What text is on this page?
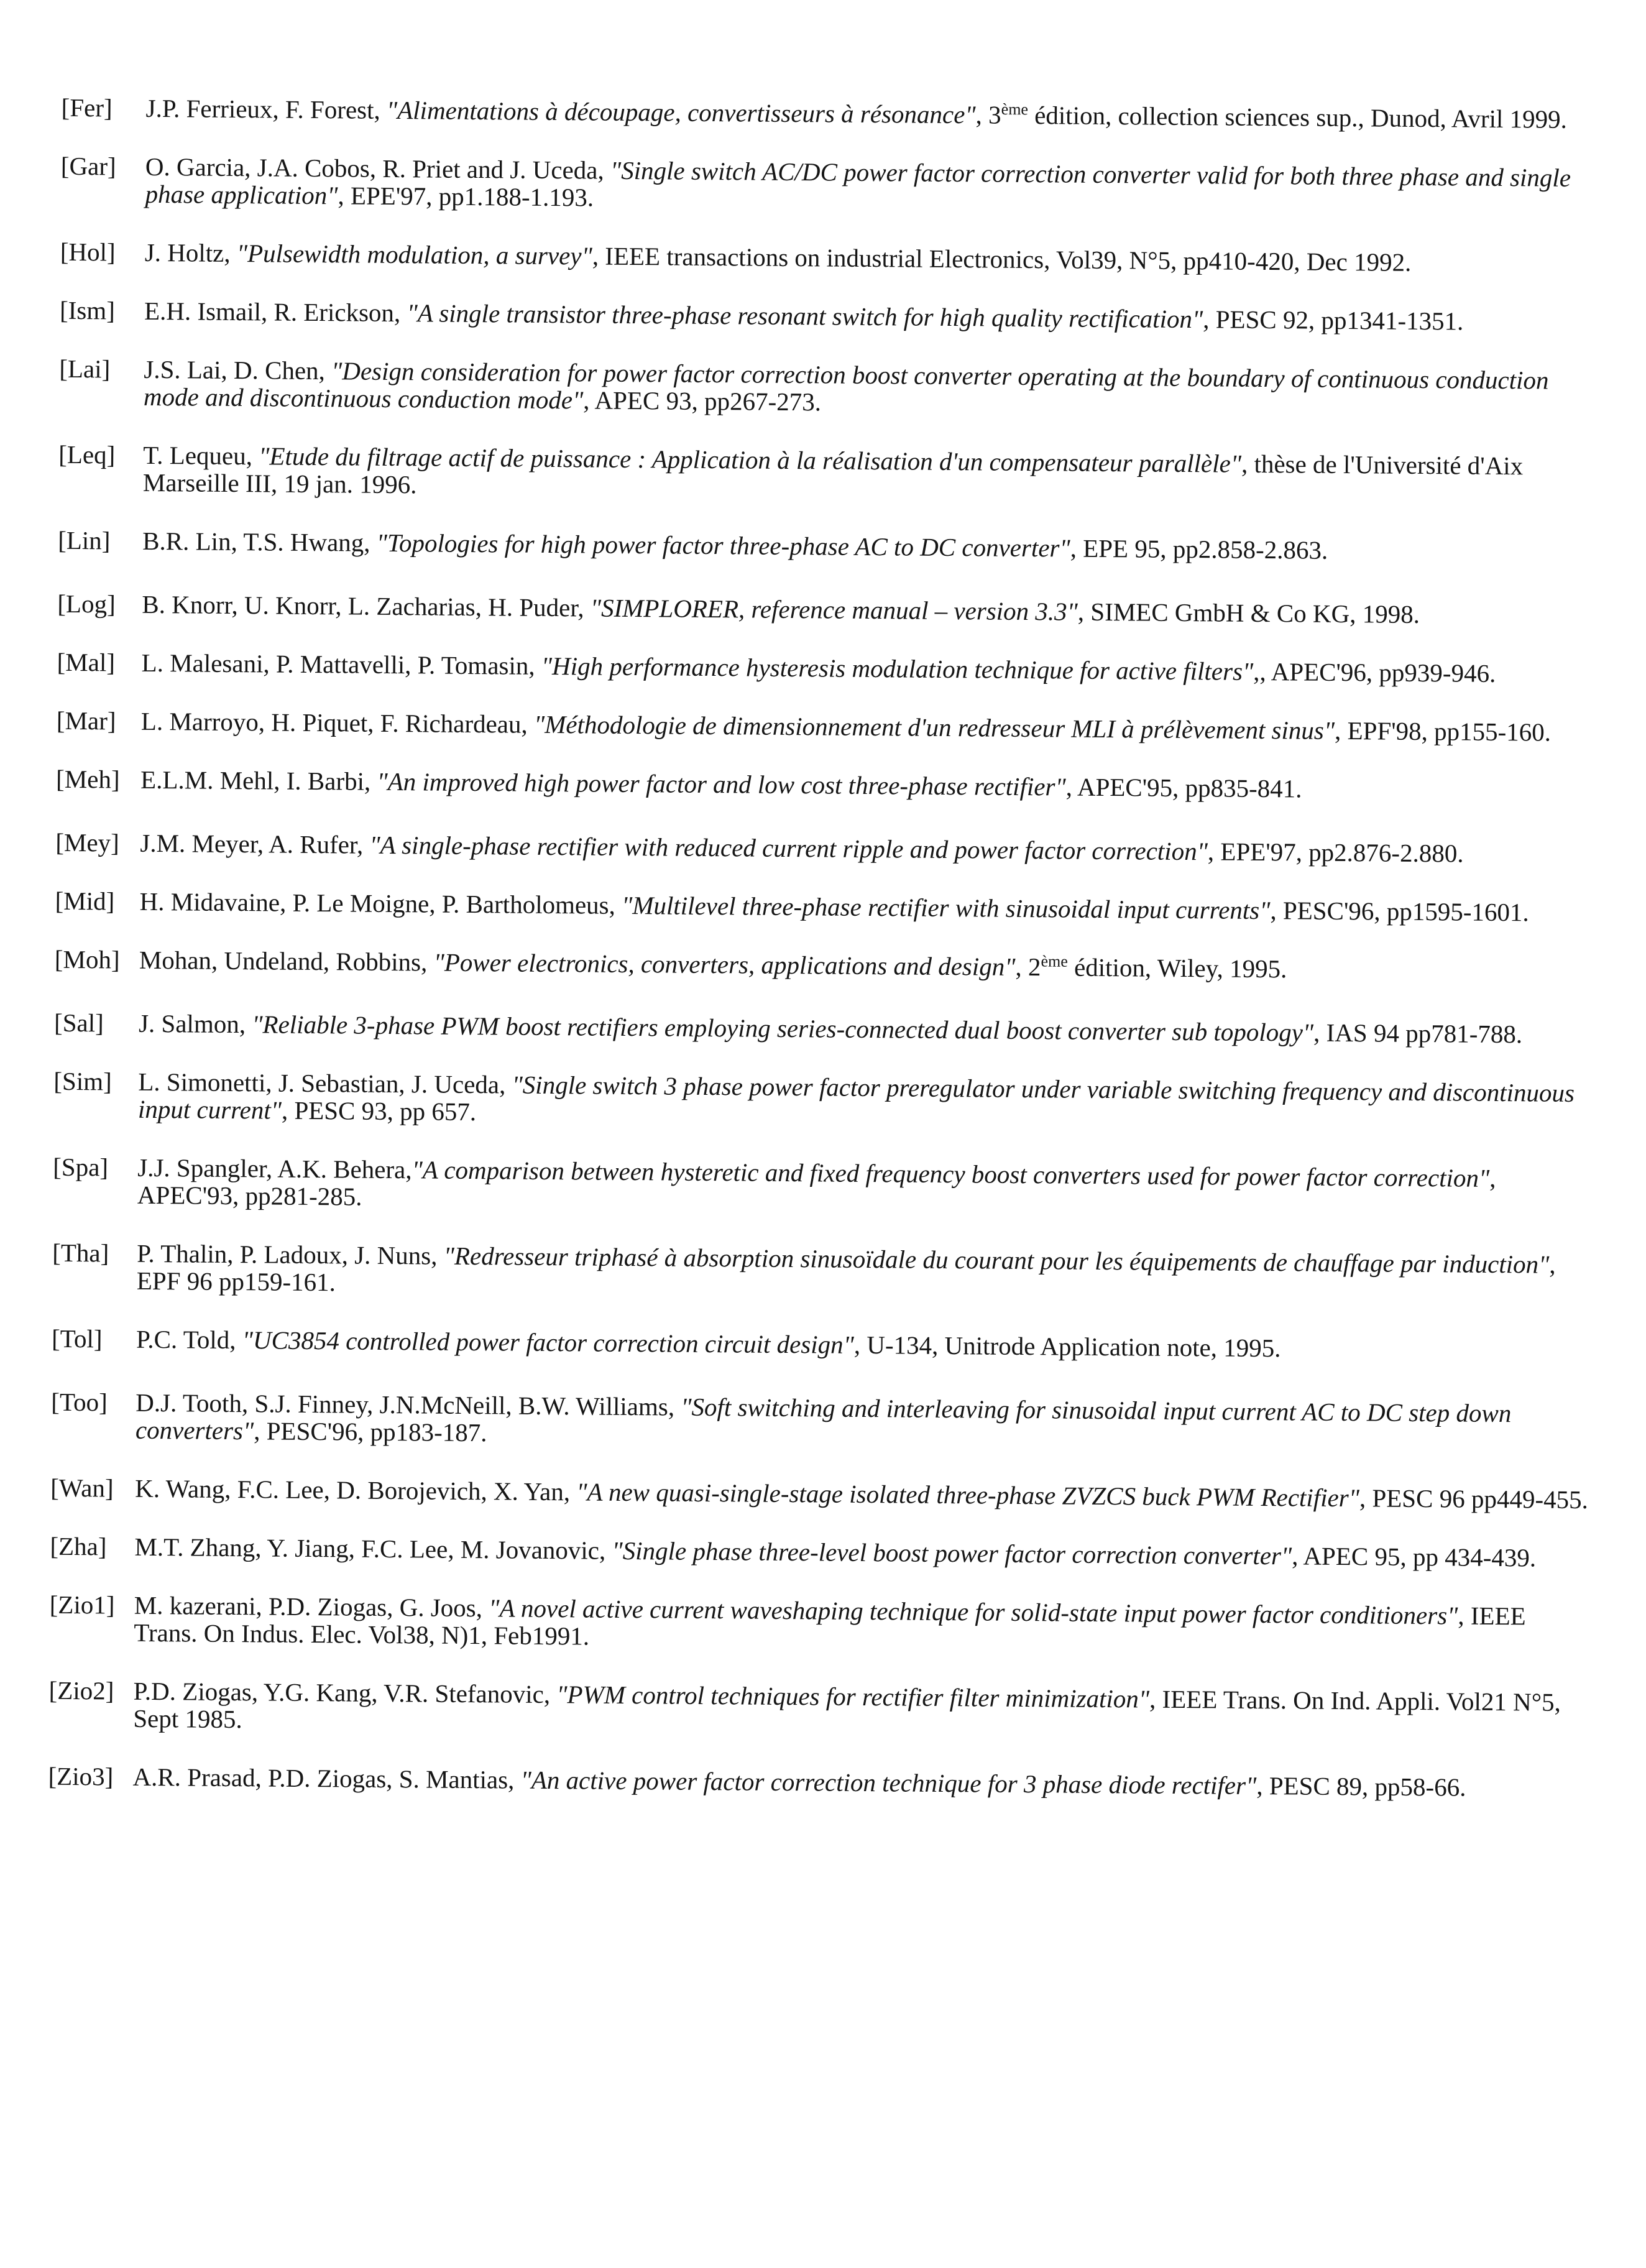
[Fer]	J.P. Ferrieux, F. Forest, "Alimentations à découpage, convertisseurs à résonance", 3ème édition, collection sciences sup., Dunod, Avril 1999.
[Gar]	O. Garcia, J.A. Cobos, R. Priet and J. Uceda, "Single switch AC/DC power factor correction converter valid for both three phase and single phase application", EPE'97, pp1.188-1.193.
[Hol]	J. Holtz, "Pulsewidth modulation, a survey", IEEE transactions on industrial Electronics, Vol39, N°5, pp410-420, Dec 1992.
[Ism]	E.H. Ismail, R. Erickson, "A single transistor three-phase resonant switch for high quality rectification", PESC 92, pp1341-1351.
[Lai]	J.S. Lai, D. Chen, "Design consideration for power factor correction boost converter operating at the boundary of continuous conduction mode and discontinuous conduction mode", APEC 93, pp267-273.
[Leq]	T. Lequeu, "Etude du filtrage actif de puissance : Application à la réalisation d'un compensateur parallèle", thèse de l'Université d'Aix Marseille III, 19 jan. 1996.
[Lin]	B.R. Lin, T.S. Hwang, "Topologies for high power factor three-phase AC to DC converter", EPE 95, pp2.858-2.863.
[Log]	B. Knorr, U. Knorr, L. Zacharias, H. Puder, "SIMPLORER, reference manual – version 3.3", SIMEC GmbH & Co KG, 1998.
[Mal]	L. Malesani, P. Mattavelli, P. Tomasin, "High performance hysteresis modulation technique for active filters",, APEC'96, pp939-946.
[Mar] L. Marroyo, H. Piquet, F. Richardeau, "Méthodologie de dimensionnement d'un redresseur MLI à prélèvement sinus", EPF'98, pp155-160.
[Meh] E.L.M. Mehl, I. Barbi, "An improved high power factor and low cost three-phase rectifier", APEC'95, pp835-841.
[Mey] J.M. Meyer, A. Rufer, "A single-phase rectifier with reduced current ripple and power factor correction", EPE'97, pp2.876-2.880.
[Mid] H. Midavaine, P. Le Moigne, P. Bartholomeus, "Multilevel three-phase rectifier with sinusoidal input currents", PESC'96, pp1595-1601.
[Moh] Mohan, Undeland, Robbins, "Power electronics, converters, applications and design", 2ème édition, Wiley, 1995.
[Sal]	J. Salmon, "Reliable 3-phase PWM boost rectifiers employing series-connected dual boost converter sub topology", IAS 94 pp781-788.
[Sim]	L. Simonetti, J. Sebastian, J. Uceda, "Single switch 3 phase power factor preregulator under variable switching frequency and discontinuous input current", PESC 93, pp 657.
[Spa]	J.J. Spangler, A.K. Behera,"A comparison between hysteretic and fixed frequency boost converters used for power factor correction", APEC'93, pp281-285.
[Tha]	P. Thalin, P. Ladoux, J. Nuns, "Redresseur triphasé à absorption sinusoïdale du courant pour les équipements de chauffage par induction", EPF 96 pp159-161.
[Tol]	P.C. Told, "UC3854 controlled power factor correction circuit design", U-134, Unitrode Application note, 1995.
[Too]	D.J. Tooth, S.J. Finney, J.N.McNeill, B.W. Williams, "Soft switching and interleaving for sinusoidal input current AC to DC step down converters", PESC'96, pp183-187.
[Wan] K. Wang, F.C. Lee, D. Borojevich, X. Yan, "A new quasi-single-stage isolated three-phase ZVZCS buck PWM Rectifier", PESC 96 pp449-455.
[Zha]	M.T. Zhang, Y. Jiang, F.C. Lee, M. Jovanovic, "Single phase three-level boost power factor correction converter", APEC 95, pp 434-439.
[Zio1] M. kazerani, P.D. Ziogas, G. Joos, "A novel active current waveshaping technique for solid-state input power factor conditioners", IEEE Trans. On Indus. Elec. Vol38, N)1, Feb1991.
[Zio2] P.D. Ziogas, Y.G. Kang, V.R. Stefanovic, "PWM control techniques for rectifier filter minimization", IEEE Trans. On Ind. Appli. Vol21 N°5, Sept 1985.
[Zio3] A.R. Prasad, P.D. Ziogas, S. Mantias, "An active power factor correction technique for 3 phase diode rectifer", PESC 89, pp58-66.
